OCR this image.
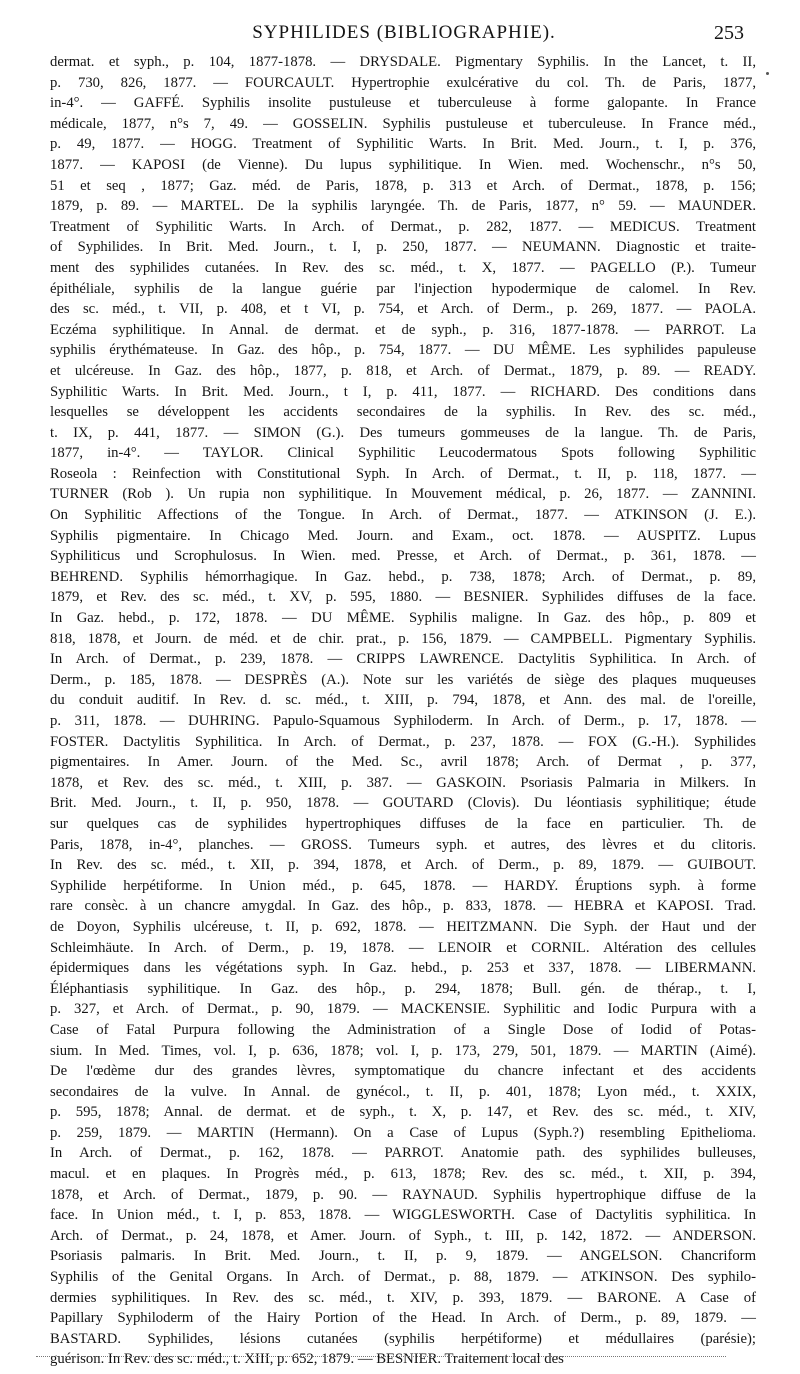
SYPHILIDES (BIBLIOGRAPHIE).	253
dermat. et syph., p. 104, 1877-1878. — DRYSDALE. Pigmentary Syphilis. In the Lancet, t. II,
p. 730, 826, 1877. — FOURCAULT. Hypertrophie exulcérative du col. Th. de Paris, 1877,
in-4°. — GAFFÉ. Syphilis insolite pustuleuse et tuberculeuse à forme galopante. In France
médicale, 1877, n°s 7, 49. — GOSSELIN. Syphilis pustuleuse et tuberculeuse. In France méd.,
p. 49, 1877. — HOGG. Treatment of Syphilitic Warts. In Brit. Med. Journ., t. I, p. 376,
1877. — KAPOSI (de Vienne). Du lupus syphilitique. In Wien. med. Wochenschr., n°s 50,
51 et seq , 1877; Gaz. méd. de Paris, 1878, p. 313 et Arch. of Dermat., 1878, p. 156;
1879, p. 89. — MARTEL. De la syphilis laryngée. Th. de Paris, 1877, n° 59. — MAUNDER.
Treatment of Syphilitic Warts. In Arch. of Dermat., p. 282, 1877. — MEDICUS. Treatment
of Syphilides. In Brit. Med. Journ., t. I, p. 250, 1877. — NEUMANN. Diagnostic et traite-
ment des syphilides cutanées. In Rev. des sc. méd., t. X, 1877. — PAGELLO (P.). Tumeur
épithéliale, syphilis de la langue guérie par l'injection hypodermique de calomel. In Rev.
des sc. méd., t. VII, p. 408, et t VI, p. 754, et Arch. of Derm., p. 269, 1877. — PAOLA.
Eczéma syphilitique. In Annal. de dermat. et de syph., p. 316, 1877-1878. — PARROT. La
syphilis érythémateuse. In Gaz. des hôp., p. 754, 1877. — DU MÊME. Les syphilides papuleuse
et ulcéreuse. In Gaz. des hôp., 1877, p. 818, et Arch. of Dermat., 1879, p. 89. — READY.
Syphilitic Warts. In Brit. Med. Journ., t I, p. 411, 1877. — RICHARD. Des conditions dans
lesquelles se développent les accidents secondaires de la syphilis. In Rev. des sc. méd.,
t. IX, p. 441, 1877. — SIMON (G.). Des tumeurs gommeuses de la langue. Th. de Paris,
1877, in-4°. — TAYLOR. Clinical Syphilitic Leucodermatous Spots following Syphilitic
Roseola : Reinfection with Constitutional Syph. In Arch. of Dermat., t. II, p. 118, 1877. —
TURNER (Rob ). Un rupia non syphilitique. In Mouvement médical, p. 26, 1877. — ZANNINI.
On Syphilitic Affections of the Tongue. In Arch. of Dermat., 1877. — ATKINSON (J. E.).
Syphilis pigmentaire. In Chicago Med. Journ. and Exam., oct. 1878. — AUSPITZ. Lupus
Syphiliticus und Scrophulosus. In Wien. med. Presse, et Arch. of Dermat., p. 361, 1878. —
BEHREND. Syphilis hémorrhagique. In Gaz. hebd., p. 738, 1878; Arch. of Dermat., p. 89,
1879, et Rev. des sc. méd., t. XV, p. 595, 1880. — BESNIER. Syphilides diffuses de la face.
In Gaz. hebd., p. 172, 1878. — DU MÊME. Syphilis maligne. In Gaz. des hôp., p. 809 et
818, 1878, et Journ. de méd. et de chir. prat., p. 156, 1879. — CAMPBELL. Pigmentary Syphilis.
In Arch. of Dermat., p. 239, 1878. — CRIPPS LAWRENCE. Dactylitis Syphilitica. In Arch. of
Derm., p. 185, 1878. — DESPRÈS (A.). Note sur les variétés de siège des plaques muqueuses
du conduit auditif. In Rev. d. sc. méd., t. XIII, p. 794, 1878, et Ann. des mal. de l'oreille,
p. 311, 1878. — DUHRING. Papulo-Squamous Syphiloderm. In Arch. of Derm., p. 17, 1878. —
FOSTER. Dactylitis Syphilitica. In Arch. of Dermat., p. 237, 1878. — FOX (G.-H.). Syphilides
pigmentaires. In Amer. Journ. of the Med. Sc., avril 1878; Arch. of Dermat , p. 377,
1878, et Rev. des sc. méd., t. XIII, p. 387. — GASKOIN. Psoriasis Palmaria in Milkers. In
Brit. Med. Journ., t. II, p. 950, 1878. — GOUTARD (Clovis). Du léontiasis syphilitique; étude
sur quelques cas de syphilides hypertrophiques diffuses de la face en particulier. Th. de
Paris, 1878, in-4°, planches. — GROSS. Tumeurs syph. et autres, des lèvres et du clitoris.
In Rev. des sc. méd., t. XII, p. 394, 1878, et Arch. of Derm., p. 89, 1879. — GUIBOUT.
Syphilide herpétiforme. In Union méd., p. 645, 1878. — HARDY. Éruptions syph. à forme
rare consèc. à un chancre amygdal. In Gaz. des hôp., p. 833, 1878. — HEBRA et KAPOSI. Trad.
de Doyon, Syphilis ulcéreuse, t. II, p. 692, 1878. — HEITZMANN. Die Syph. der Haut und der
Schleimhäute. In Arch. of Derm., p. 19, 1878. — LENOIR et CORNIL. Altération des cellules
épidermiques dans les végétations syph. In Gaz. hebd., p. 253 et 337, 1878. — LIBERMANN.
Éléphantiasis syphilitique. In Gaz. des hôp., p. 294, 1878; Bull. gén. de thérap., t. I,
p. 327, et Arch. of Dermat., p. 90, 1879. — MACKENSIE. Syphilitic and Iodic Purpura with a
Case of Fatal Purpura following the Administration of a Single Dose of Iodid of Potas-
sium. In Med. Times, vol. I, p. 636, 1878; vol. I, p. 173, 279, 501, 1879. — MARTIN (Aimé).
De l'œdème dur des grandes lèvres, symptomatique du chancre infectant et des accidents
secondaires de la vulve. In Annal. de gynécol., t. II, p. 401, 1878; Lyon méd., t. XXIX,
p. 595, 1878; Annal. de dermat. et de syph., t. X, p. 147, et Rev. des sc. méd., t. XIV,
p. 259, 1879. — MARTIN (Hermann). On a Case of Lupus (Syph.?) resembling Epithelioma.
In Arch. of Dermat., p. 162, 1878. — PARROT. Anatomie path. des syphilides bulleuses,
macul. et en plaques. In Progrès méd., p. 613, 1878; Rev. des sc. méd., t. XII, p. 394,
1878, et Arch. of Dermat., 1879, p. 90. — RAYNAUD. Syphilis hypertrophique diffuse de la
face. In Union méd., t. I, p. 853, 1878. — WIGGLESWORTH. Case of Dactylitis syphilitica. In
Arch. of Dermat., p. 24, 1878, et Amer. Journ. of Syph., t. III, p. 142, 1872. — ANDERSON.
Psoriasis palmaris. In Brit. Med. Journ., t. II, p. 9, 1879. — ANGELSON. Chancriform
Syphilis of the Genital Organs. In Arch. of Dermat., p. 88, 1879. — ATKINSON. Des syphilo-
dermies syphilitiques. In Rev. des sc. méd., t. XIV, p. 393, 1879. — BARONE. A Case of
Papillary Syphiloderm of the Hairy Portion of the Head. In Arch. of Derm., p. 89, 1879. —
BASTARD. Syphilides, lésions cutanées (syphilis herpétiforme) et médullaires (parésie);
guérison. In Rev. des sc. méd., t. XIII, p. 652, 1879. — BESNIER. Traitement local des
